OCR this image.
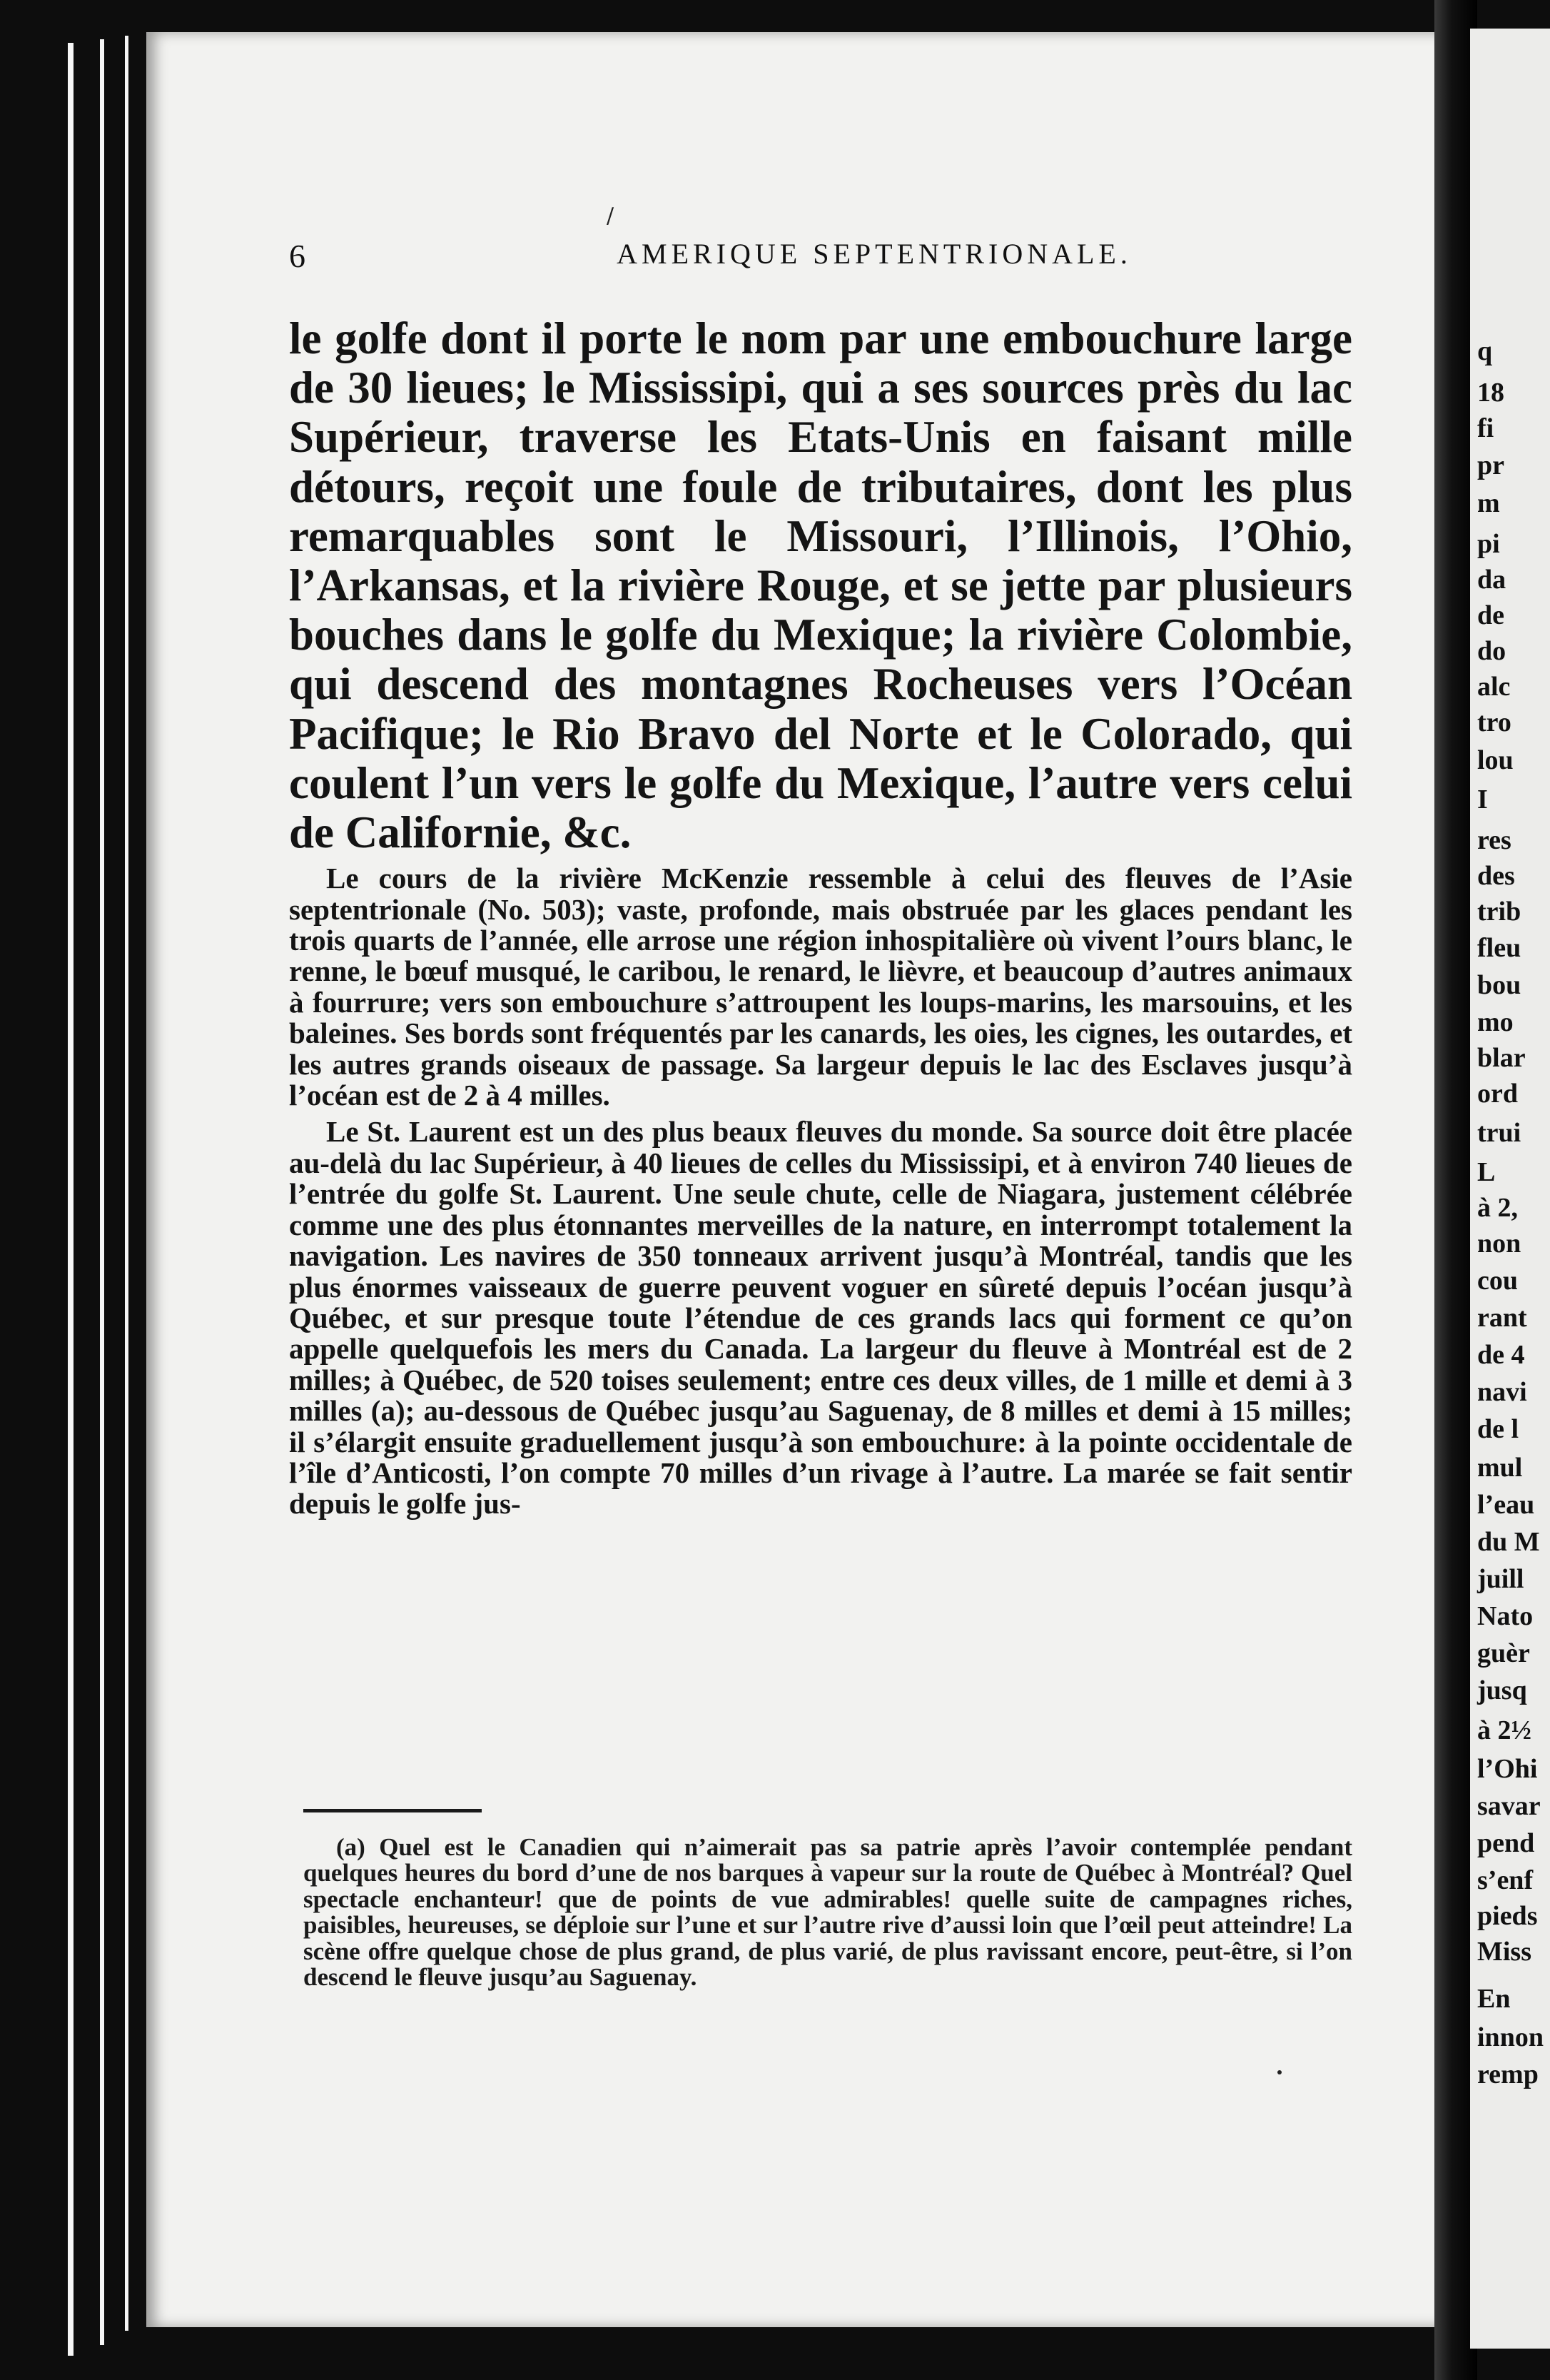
/
6	AMERIQUE SEPTENTRIONALE.

le golfe dont il porte le nom par une embouchure large de 30 lieues; le Mississipi, qui a ses sources près du lac Supérieur, traverse les Etats-Unis en faisant mille détours, reçoit une foule de tributaires, dont les plus remarquables sont le Missouri, l’Illinois, l’Ohio, l’Arkansas, et la rivière Rouge, et se jette par plusieurs bouches dans le golfe du Mexique; la rivière Colombie, qui descend des montagnes Rocheuses vers l’Océan Pacifique; le Rio Bravo del Norte et le Colorado, qui coulent l’un vers le golfe du Mexique, l’autre vers celui de Californie, &c.

Le cours de la rivière McKenzie ressemble à celui des fleuves de l’Asie septentrionale (No. 503); vaste, profonde, mais obstruée par les glaces pendant les trois quarts de l’année, elle arrose une région inhospitalière où vivent l’ours blanc, le renne, le bœuf musqué, le caribou, le renard, le lièvre, et beaucoup d’autres animaux à fourrure; vers son embouchure s’attroupent les loups-marins, les marsouins, et les baleines. Ses bords sont fréquentés par les canards, les oies, les cignes, les outardes, et les autres grands oiseaux de passage. Sa largeur depuis le lac des Esclaves jusqu’à l’océan est de 2 à 4 milles.

Le St. Laurent est un des plus beaux fleuves du monde. Sa source doit être placée au-delà du lac Supérieur, à 40 lieues de celles du Mississipi, et à environ 740 lieues de l’entrée du golfe St. Laurent. Une seule chute, celle de Niagara, justement célébrée comme une des plus étonnantes merveilles de la nature, en interrompt totalement la navigation. Les navires de 350 tonneaux arrivent jusqu’à Montréal, tandis que les plus énormes vaisseaux de guerre peuvent voguer en sûreté depuis l’océan jusqu’à Québec, et sur presque toute l’étendue de ces grands lacs qui forment ce qu’on appelle quelquefois les mers du Canada. La largeur du fleuve à Montréal est de 2 milles; à Québec, de 520 toises seulement; entre ces deux villes, de 1 mille et demi à 3 milles (a); au-dessous de Québec jusqu’au Saguenay, de 8 milles et demi à 15 milles; il s’élargit ensuite graduellement jusqu’à son embouchure: à la pointe occidentale de l’île d’Anticosti, l’on compte 70 milles d’un rivage à l’autre. La marée se fait sentir depuis le golfe jus-

(a) Quel est le Canadien qui n’aimerait pas sa patrie après l’avoir contemplée pendant quelques heures du bord d’une de nos barques à vapeur sur la route de Québec à Montréal? Quel spectacle enchanteur! que de points de vue admirables! quelle suite de campagnes riches, paisibles, heureuses, se déploie sur l’une et sur l’autre rive d’aussi loin que l’œil peut atteindre! La scène offre quelque chose de plus grand, de plus varié, de plus ravissant encore, peut-être, si l’on descend le fleuve jusqu’au Saguenay.

q
18
fi
pr
m
pi
da
de
do
alc
tro
lou
I
res
des
trib
fleu
bou
mo
blar
ord
trui
L
à 2,
non
cou
rant
de 4
navi
de l
mul
l’eau
du M
juill
Nato
guèr
jusq
à 2½
l’Ohi
savar
pend
s’enf
pieds
Miss
En
innon
remp
